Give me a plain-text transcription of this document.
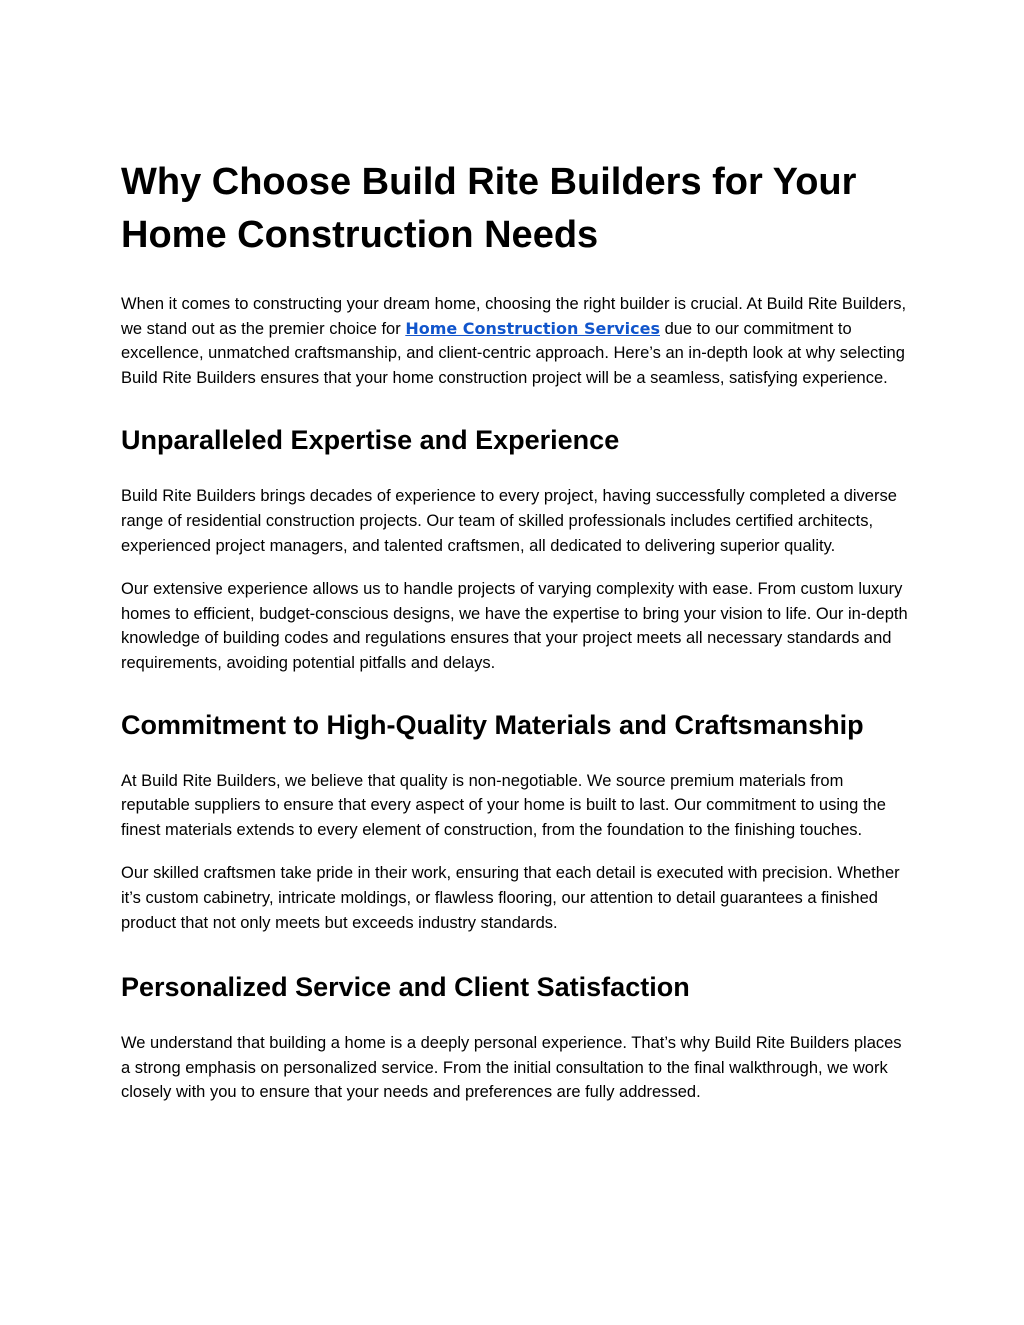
Why Choose Build Rite Builders for Your Home Construction Needs

When it comes to constructing your dream home, choosing the right builder is crucial. At Build Rite Builders, we stand out as the premier choice for Home Construction Services due to our commitment to excellence, unmatched craftsmanship, and client-centric approach. Here’s an in-depth look at why selecting Build Rite Builders ensures that your home construction project will be a seamless, satisfying experience.

Unparalleled Expertise and Experience

Build Rite Builders brings decades of experience to every project, having successfully completed a diverse range of residential construction projects. Our team of skilled professionals includes certified architects, experienced project managers, and talented craftsmen, all dedicated to delivering superior quality.

Our extensive experience allows us to handle projects of varying complexity with ease. From custom luxury homes to efficient, budget-conscious designs, we have the expertise to bring your vision to life. Our in-depth knowledge of building codes and regulations ensures that your project meets all necessary standards and requirements, avoiding potential pitfalls and delays.

Commitment to High-Quality Materials and Craftsmanship

At Build Rite Builders, we believe that quality is non-negotiable. We source premium materials from reputable suppliers to ensure that every aspect of your home is built to last. Our commitment to using the finest materials extends to every element of construction, from the foundation to the finishing touches.

Our skilled craftsmen take pride in their work, ensuring that each detail is executed with precision. Whether it’s custom cabinetry, intricate moldings, or flawless flooring, our attention to detail guarantees a finished product that not only meets but exceeds industry standards.

Personalized Service and Client Satisfaction

We understand that building a home is a deeply personal experience. That’s why Build Rite Builders places a strong emphasis on personalized service. From the initial consultation to the final walkthrough, we work closely with you to ensure that your needs and preferences are fully addressed.
